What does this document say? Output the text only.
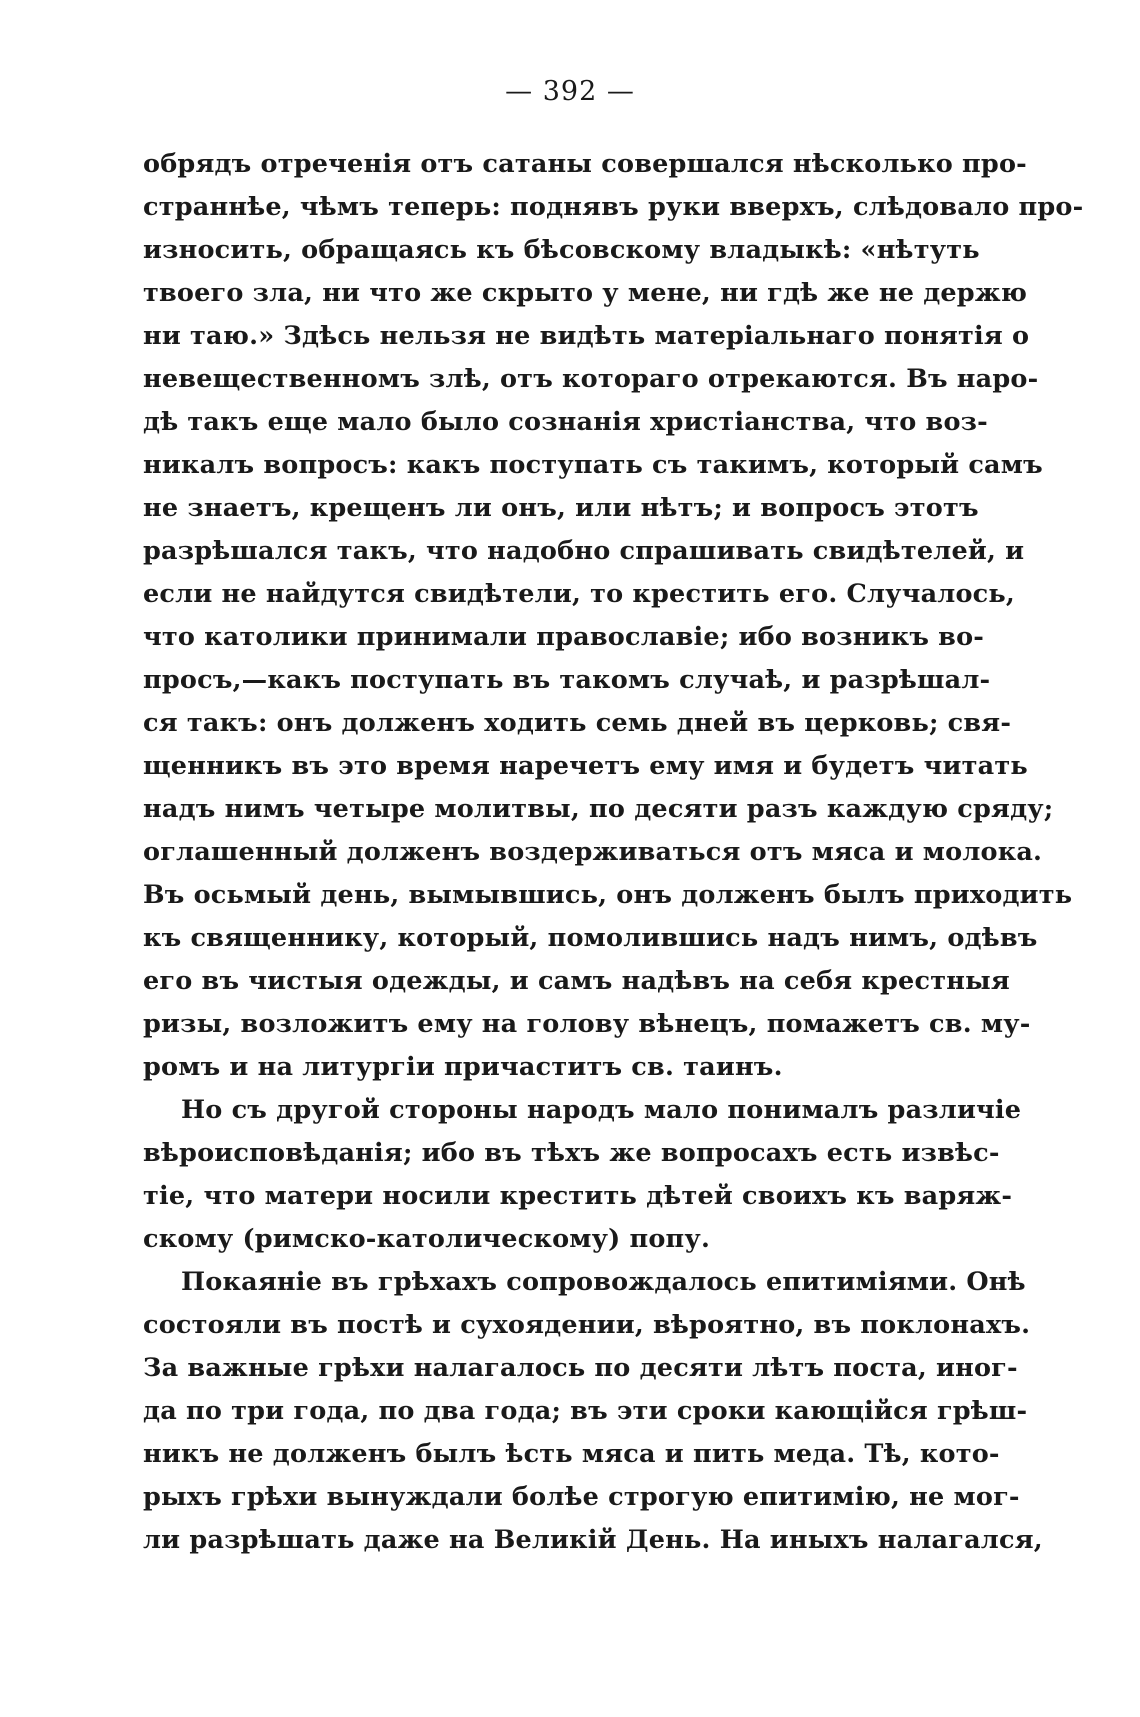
— 392 —
обрядъ отреченія отъ сатаны совершался нѣсколько про-
страннѣе, чѣмъ теперь: поднявъ руки вверхъ, слѣдовало про-
износить, обращаясь къ бѣсовскому владыкѣ: «нѣтуть
твоего зла, ни что же скрыто у мене, ни гдѣ же не держю
ни таю.» Здѣсь нельзя не видѣть матеріальнаго понятія о
невещественномъ злѣ, отъ котораго отрекаются. Въ наро-
дѣ такъ еще мало было сознанія христіанства, что воз-
никалъ вопросъ: какъ поступать съ такимъ, который самъ
не знаетъ, крещенъ ли онъ, или нѣтъ; и вопросъ этотъ
разрѣшался такъ, что надобно спрашивать свидѣтелей, и
если не найдутся свидѣтели, то крестить его. Случалось,
что католики принимали православіе; ибо возникъ во-
просъ,—какъ поступать въ такомъ случаѣ, и разрѣшал-
ся такъ: онъ долженъ ходить семь дней въ церковь; свя-
щенникъ въ это время наречетъ ему имя и будетъ читать
надъ нимъ четыре молитвы, по десяти разъ каждую сряду;
оглашенный долженъ воздерживаться отъ мяса и молока.
Въ осьмый день, вымывшись, онъ долженъ былъ приходить
къ священнику, который, помолившись надъ нимъ, одѣвъ
его въ чистыя одежды, и самъ надѣвъ на себя крестныя
ризы, возложитъ ему на голову вѣнецъ, помажетъ св. му-
ромъ и на литургіи причаститъ св. таинъ.
Но съ другой стороны народъ мало понималъ различіе
вѣроисповѣданія; ибо въ тѣхъ же вопросахъ есть извѣс-
тіе, что матери носили крестить дѣтей своихъ къ варяж-
скому (римско-католическому) попу.
Покаяніе въ грѣхахъ сопровождалось епитиміями. Онѣ
состояли въ постѣ и сухоядении, вѣроятно, въ поклонахъ.
За важные грѣхи налагалось по десяти лѣтъ поста, иног-
да по три года, по два года; въ эти сроки кающійся грѣш-
никъ не долженъ былъ ѣсть мяса и пить меда. Тѣ, кото-
рыхъ грѣхи вынуждали болѣе строгую епитимію, не мог-
ли разрѣшать даже на Великій День. На иныхъ налагался,
